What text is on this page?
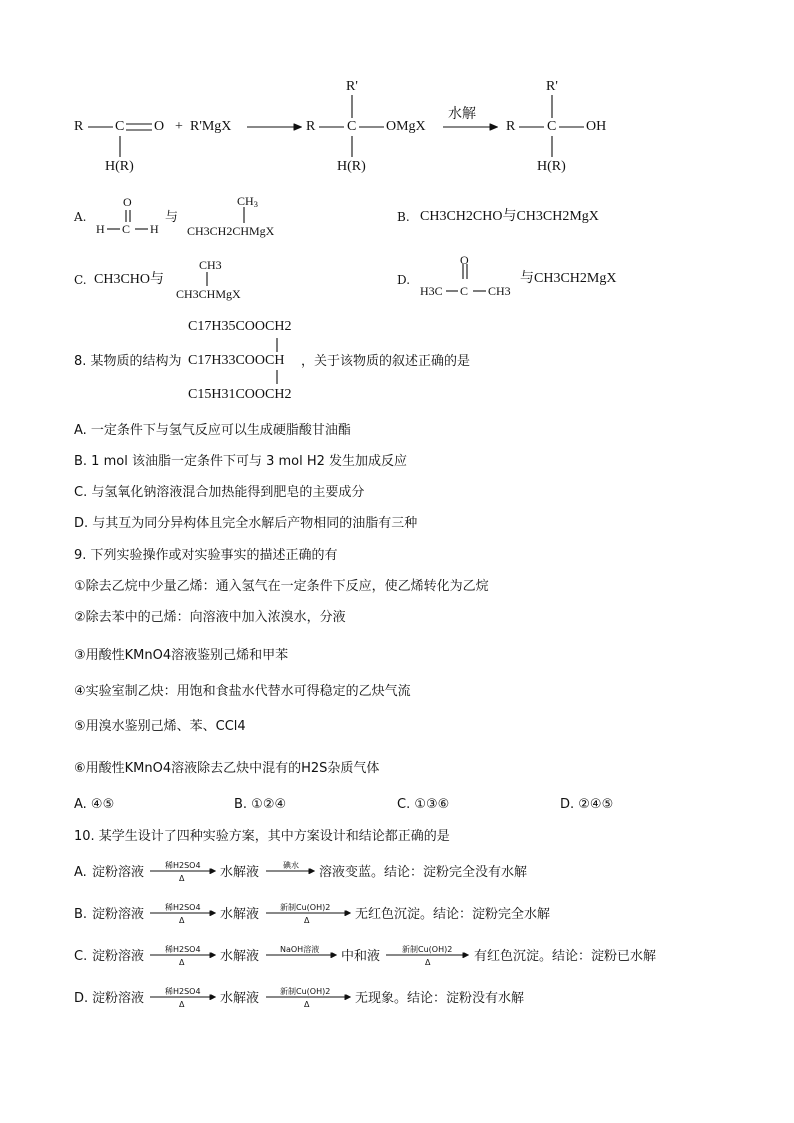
R C O
H(R)
+ R'MgX
R'
R C OMgX
H(R)
水解
R'
R C OH
H(R)
A.
O
H C H
与
$CH_3$
CH3CH2CHMgX
B. CH3CH2CHO与CH3CH2MgX
C. CH3CHO与
CH3
CH3CHMgX
D.
O
H3C C CH3
与CH3CH2MgX
C17H35COOCH2
8. 某物质的结构为 C17H33COOCH ，关于该物质的叙述正确的是
C15H31COOCH2
A. 一定条件下与氢气反应可以生成硬脂酸甘油酯
B. 1 mol 该油脂一定条件下可与 3 mol H2 发生加成反应
C. 与氢氧化钠溶液混合加热能得到肥皂的主要成分
D. 与其互为同分异构体且完全水解后产物相同的油脂有三种
9. 下列实验操作或对实验事实的描述正确的有
①除去乙烷中少量乙烯：通入氢气在一定条件下反应，使乙烯转化为乙烷
②除去苯中的己烯：向溶液中加入浓溴水，分液
③用酸性KMnO4溶液鉴别己烯和甲苯
④实验室制乙炔：用饱和食盐水代替水可得稳定的乙炔气流
⑤用溴水鉴别己烯、苯、CCl4
⑥用酸性KMnO4溶液除去乙炔中混有的H2S杂质气体
A. ④⑤	B. ①②④	C. ①③⑥	D. ②④⑤
10. 某学生设计了四种实验方案，其中方案设计和结论都正确的是
A. 淀粉溶液	稀H2SO4
Δ	水解液	碘水 溶液变蓝。结论：淀粉完全没有水解
B. 淀粉溶液	稀H2SO4
Δ	水解液	新制Cu(OH)2
Δ	无红色沉淀。结论：淀粉完全水解
C. 淀粉溶液	稀H2SO4
Δ	水解液	NaOH溶液 中和液	新制Cu(OH)2
Δ	有红色沉淀。结论：淀粉已水解
D. 淀粉溶液	稀H2SO4
Δ	水解液	新制Cu(OH)2
Δ	无现象。结论：淀粉没有水解
